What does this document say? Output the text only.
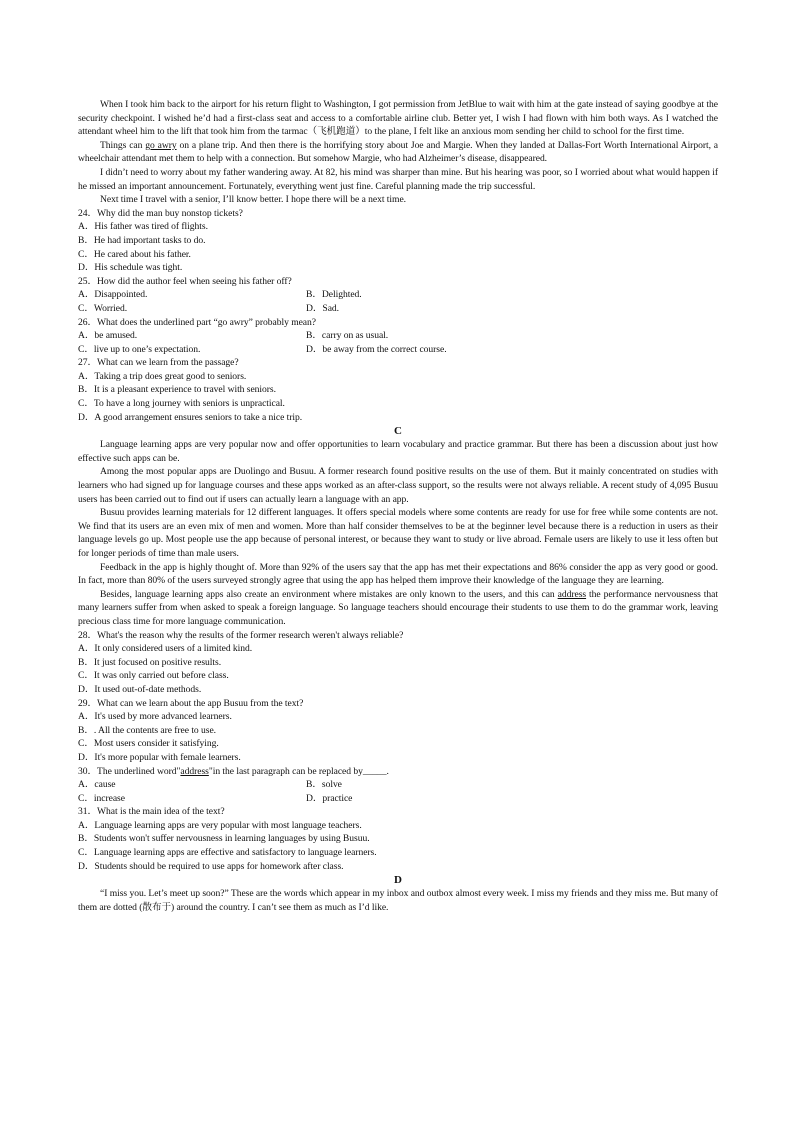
When I took him back to the airport for his return flight to Washington, I got permission from JetBlue to wait with him at the gate instead of saying goodbye at the security checkpoint. I wished he’d had a first-class seat and access to a comfortable airline club. Better yet, I wish I had flown with him both ways. As I watched the attendant wheel him to the lift that took him from the tarmac（飞机跑道）to the plane, I felt like an anxious mom sending her child to school for the first time.

Things can go awry on a plane trip. And then there is the horrifying story about Joe and Margie. When they landed at Dallas-Fort Worth International Airport, a wheelchair attendant met them to help with a connection. But somehow Margie, who had Alzheimer’s disease, disappeared.

I didn’t need to worry about my father wandering away. At 82, his mind was sharper than mine. But his hearing was poor, so I worried about what would happen if he missed an important announcement. Fortunately, everything went just fine. Careful planning made the trip successful.

Next time I travel with a senior, I’ll know better. I hope there will be a next time.

24．Why did the man buy nonstop tickets?

A．His father was tired of flights.

B．He had important tasks to do.

C．He cared about his father.

D．His schedule was tight.

25．How did the author feel when seeing his father off?

A．Disappointed.	B．Delighted.
C．Worried.	D．Sad.

26．What does the underlined part “go awry” probably mean?

A．be amused.	B．carry on as usual.
C．live up to one’s expectation.	D．be away from the correct course.

27．What can we learn from the passage?

A．Taking a trip does great good to seniors.

B．It is a pleasant experience to travel with seniors.

C．To have a long journey with seniors is unpractical.

D．A good arrangement ensures seniors to take a nice trip.

C

Language learning apps are very popular now and offer opportunities to learn vocabulary and practice grammar. But there has been a discussion about just how effective such apps can be.

Among the most popular apps are Duolingo and Busuu. A former research found positive results on the use of them. But it mainly concentrated on studies with learners who had signed up for language courses and these apps worked as an after-class support, so the results were not always reliable. A recent study of 4,095 Busuu users has been carried out to find out if users can actually learn a language with an app.

Busuu provides learning materials for 12 different languages. It offers special models where some contents are ready for use for free while some contents are not. We find that its users are an even mix of men and women. More than half consider themselves to be at the beginner level because there is a reduction in users as their language levels go up. Most people use the app because of personal interest, or because they want to study or live abroad. Female users are likely to use it less often but for longer periods of time than male users.

Feedback in the app is highly thought of. More than 92% of the users say that the app has met their expectations and 86% consider the app as very good or good. In fact, more than 80% of the users surveyed strongly agree that using the app has helped them improve their knowledge of the language they are learning.

Besides, language learning apps also create an environment where mistakes are only known to the users, and this can address the performance nervousness that many learners suffer from when asked to speak a foreign language. So language teachers should encourage their students to use them to do the grammar work, leaving precious class time for more language communication.

28．What's the reason why the results of the former research weren't always reliable?

A．It only considered users of a limited kind.

B．It just focused on positive results.

C．It was only carried out before class.

D．It used out-of-date methods.

29．What can we learn about the app Busuu from the text?

A．It's used by more advanced learners.

B．. All the contents are free to use.

C．Most users consider it satisfying.

D．It's more popular with female learners.

30．The underlined word"address"in the last paragraph can be replaced by_____.

A．cause	B．solve
C．increase	D．practice

31．What is the main idea of the text?

A．Language learning apps are very popular with most language teachers.

B．Students won't suffer nervousness in learning languages by using Busuu.

C．Language learning apps are effective and satisfactory to language learners.

D．Students should be required to use apps for homework after class.

D

“I miss you. Let’s meet up soon?” These are the words which appear in my inbox and outbox almost every week. I miss my friends and they miss me. But many of them are dotted (散布于) around the country. I can’t see them as much as I’d like.
